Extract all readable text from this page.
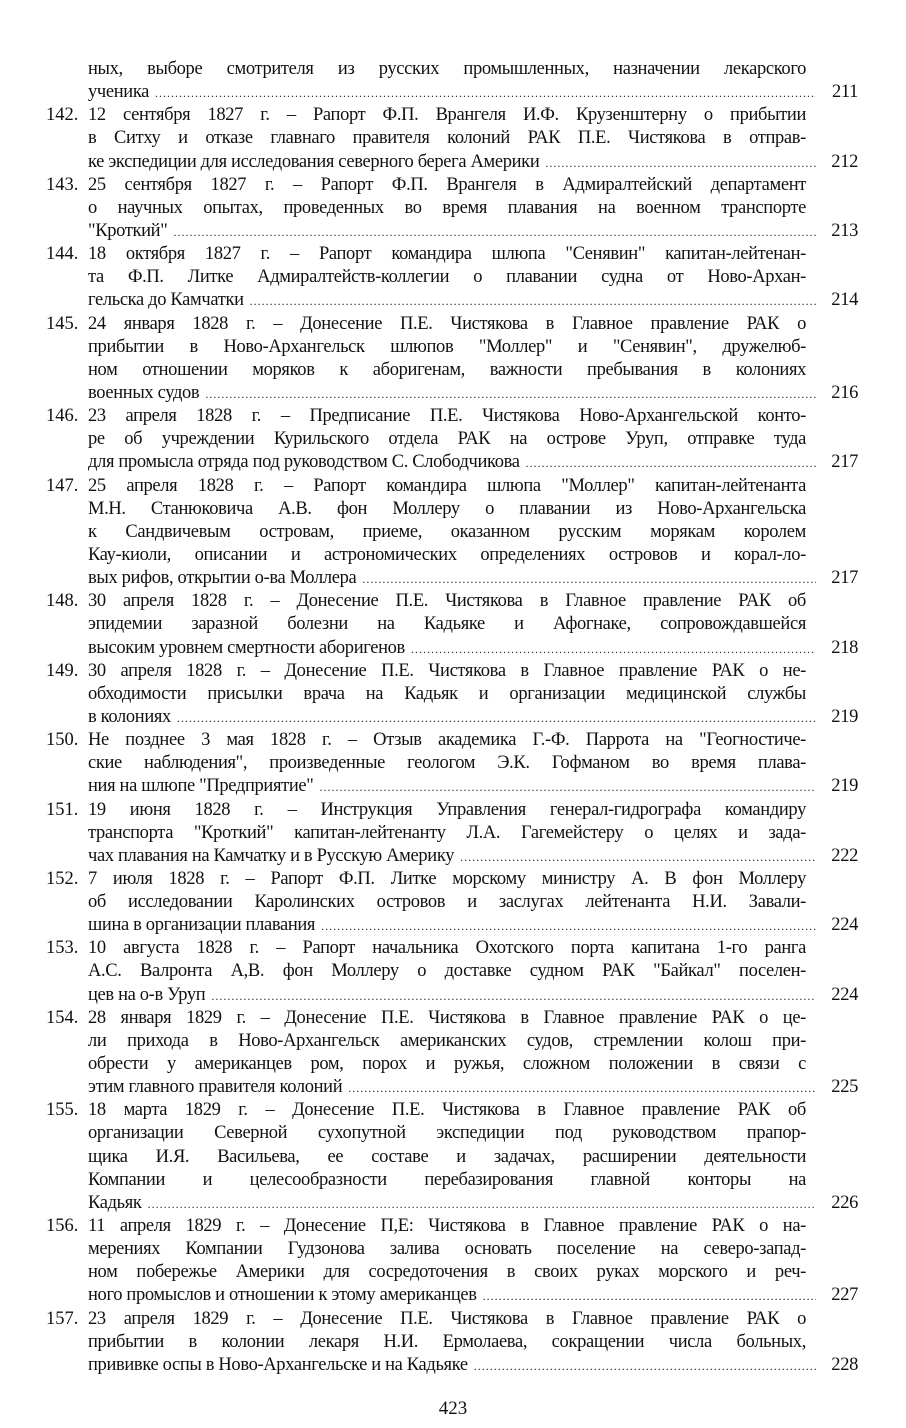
ных, выборе смотрителя из русских промышленных, назначении лекарского
ученика .....	211
142. 12 сентября 1827 г. – Рапорт Ф.П. Врангеля И.Ф. Крузенштерну о прибытии
в Ситху и отказе главнаго правителя колоний РАК П.Е. Чистякова в отправ-
ке экспедиции для исследования северного берега Америки .....	212
143. 25 сентября 1827 г. – Рапорт Ф.П. Врангеля в Адмиралтейский департамент
о научных опытах, проведенных во время плавания на военном транспорте
"Кроткий" .....	213
144. 18 октября 1827 г. – Рапорт командира шлюпа "Сенявин" капитан-лейтенан-
та Ф.П. Литке Адмиралтейств-коллегии о плавании судна от Ново-Архан-
гельска до Камчатки .....	214
145. 24 января 1828 г. – Донесение П.Е. Чистякова в Главное правление РАК о
прибытии в Ново-Архангельск шлюпов "Моллер" и "Сенявин", дружелюб-
ном отношении моряков к аборигенам, важности пребывания в колониях
военных судов .....	216
146. 23 апреля 1828 г. – Предписание П.Е. Чистякова Ново-Архангельской конто-
ре об учреждении Курильского отдела РАК на острове Уруп, отправке туда
для промысла отряда под руководством С. Слободчикова .....	217
147. 25 апреля 1828 г. – Рапорт командира шлюпа "Моллер" капитан-лейтенанта
М.Н. Станюковича А.В. фон Моллеру о плавании из Ново-Архангельска
к Сандвичевым островам, приеме, оказанном русским морякам королем
Кау-киоли, описании и астрономических определениях островов и корал-ло-
вых рифов, открытии о-ва Моллера .....	217
148. 30 апреля 1828 г. – Донесение П.Е. Чистякова в Главное правление РАК об
эпидемии заразной болезни на Кадьяке и Афогнаке, сопровождавшейся
высоким уровнем смертности аборигенов .....	218
149. 30 апреля 1828 г. – Донесение П.Е. Чистякова в Главное правление РАК о не-
обходимости присылки врача на Кадьяк и организации медицинской службы
в колониях .....	219
150. Не позднее 3 мая 1828 г. – Отзыв академика Г.-Ф. Паррота на "Геогностиче-
ские наблюдения", произведенные геологом Э.К. Гофманом во время плава-
ния на шлюпе "Предприятие" .....	219
151. 19 июня 1828 г. – Инструкция Управления генерал-гидрографа командиру
транспорта "Кроткий" капитан-лейтенанту Л.А. Гагемейстеру о целях и зада-
чах плавания на Камчатку и в Русскую Америку .....	222
152. 7 июля 1828 г. – Рапорт Ф.П. Литке морскому министру А. В фон Моллеру
об исследовании Каролинских островов и заслугах лейтенанта Н.И. Завали-
шина в организации плавания .....	224
153. 10 августа 1828 г. – Рапорт начальника Охотского порта капитана 1-го ранга
А.С. Валронта А,В. фон Моллеру о доставке судном РАК "Байкал" поселен-
цев на о-в Уруп .....	224
154. 28 января 1829 г. – Донесение П.Е. Чистякова в Главное правление РАК о це-
ли прихода в Ново-Архангельск американских судов, стремлении колош при-
обрести у американцев ром, порох и ружья, сложном положении в связи с
этим главного правителя колоний .....	225
155. 18 марта 1829 г. – Донесение П.Е. Чистякова в Главное правление РАК об
организации Северной сухопутной экспедиции под руководством прапор-
щика И.Я. Васильева, ее составе и задачах, расширении деятельности
Компании и целесообразности перебазирования главной конторы на
Кадьяк .....	226
156. 11 апреля 1829 г. – Донесение П,Е: Чистякова в Главное правление РАК о на-
мерениях Компании Гудзонова залива основать поселение на северо-запад-
ном побережье Америки для сосредоточения в своих руках морского и реч-
ного промыслов и отношении к этому американцев .....	227
157. 23 апреля 1829 г. – Донесение П.Е. Чистякова в Главное правление РАК о
прибытии в колонии лекаря Н.И. Ермолаева, сокращении числа больных,
прививке оспы в Ново-Архангельске и на Кадьяке .....	228
423
